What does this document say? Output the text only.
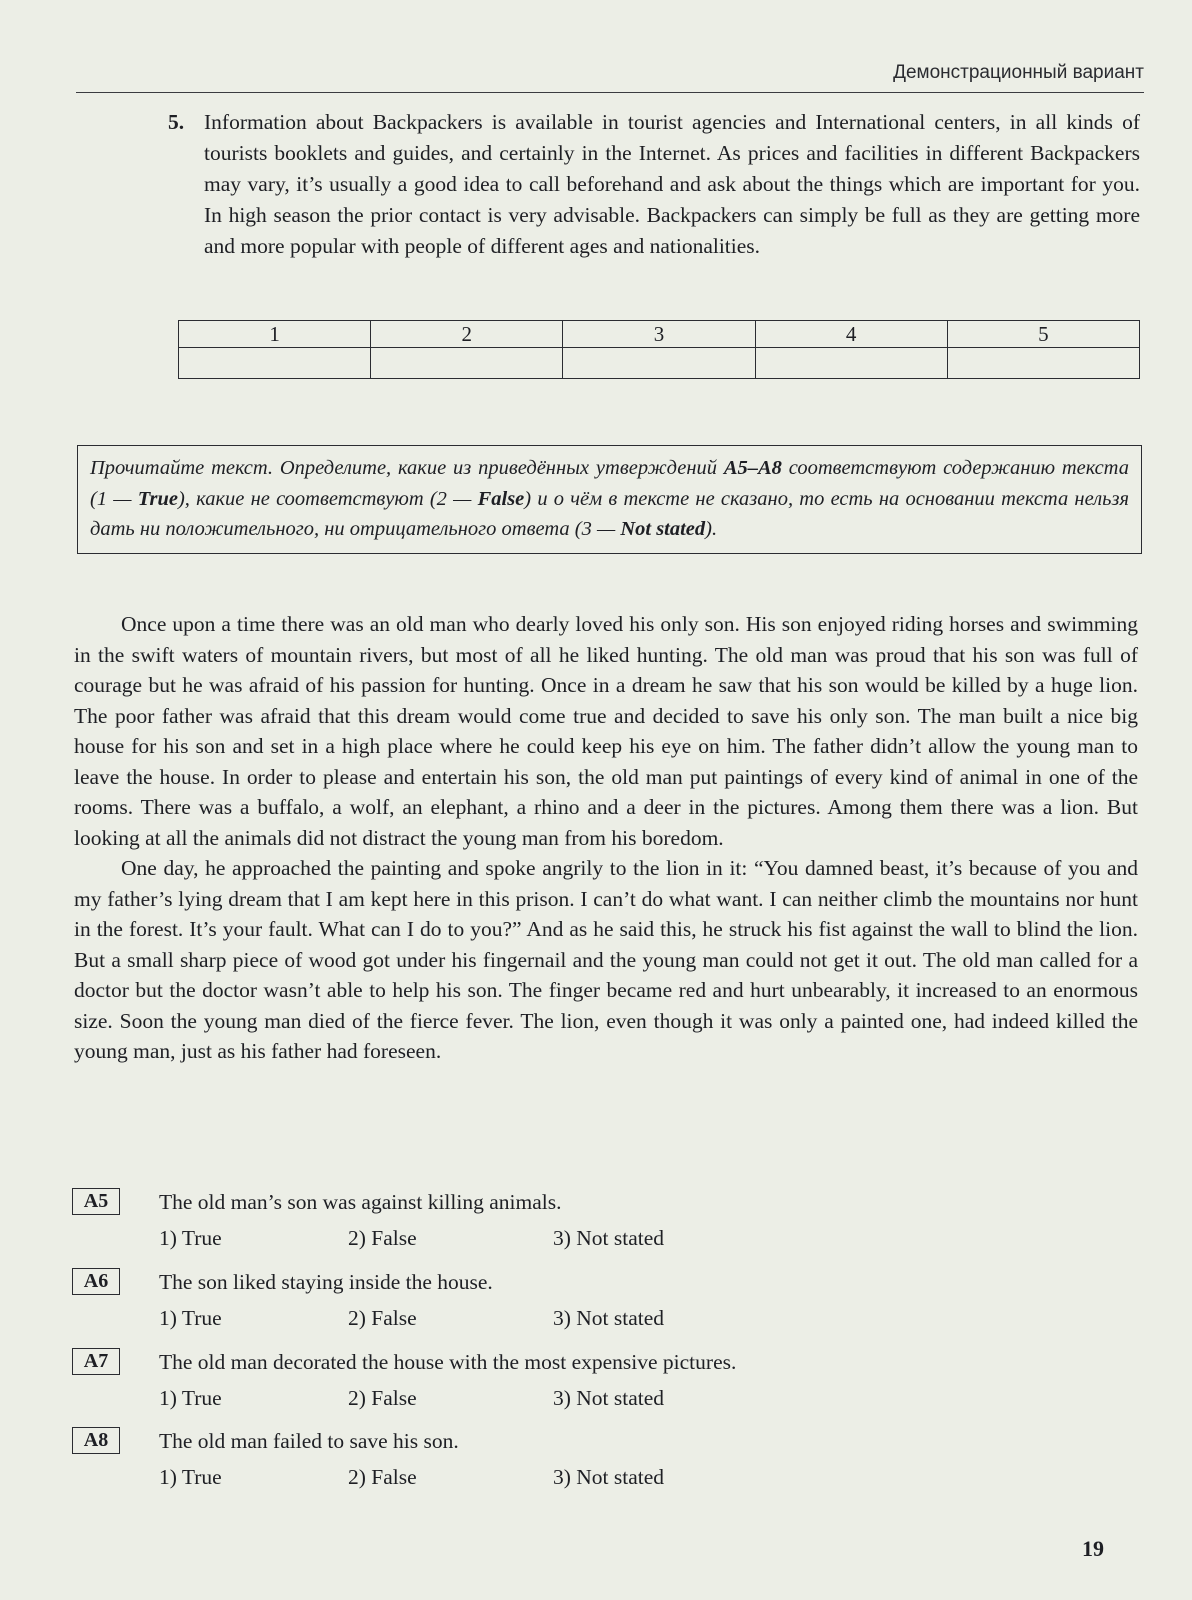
Демонстрационный вариант
5. Information about Backpackers is available in tourist agencies and International centers, in all kinds of tourists booklets and guides, and certainly in the Internet. As prices and facilities in different Backpackers may vary, it’s usually a good idea to call beforehand and ask about the things which are important for you. In high season the prior contact is very advisable. Backpackers can simply be full as they are getting more and more popular with people of different ages and nationalities.
1	2	3	4	5

Прочитайте текст. Определите, какие из приведённых утверждений A5–A8 соответствуют содержанию текста (1 — True), какие не соответствуют (2 — False) и о чём в тексте не сказано, то есть на основании текста нельзя дать ни положительного, ни отрицательного ответа (3 — Not stated).

Once upon a time there was an old man who dearly loved his only son. His son enjoyed riding horses and swimming in the swift waters of mountain rivers, but most of all he liked hunting. The old man was proud that his son was full of courage but he was afraid of his passion for hunting. Once in a dream he saw that his son would be killed by a huge lion. The poor father was afraid that this dream would come true and decided to save his only son. The man built a nice big house for his son and set in a high place where he could keep his eye on him. The father didn’t allow the young man to leave the house. In order to please and entertain his son, the old man put paintings of every kind of animal in one of the rooms. There was a buffalo, a wolf, an elephant, a rhino and a deer in the pictures. Among them there was a lion. But looking at all the animals did not distract the young man from his boredom.

One day, he approached the painting and spoke angrily to the lion in it: “You damned beast, it’s because of you and my father’s lying dream that I am kept here in this prison. I can’t do what want. I can neither climb the mountains nor hunt in the forest. It’s your fault. What can I do to you?” And as he said this, he struck his fist against the wall to blind the lion. But a small sharp piece of wood got under his fingernail and the young man could not get it out. The old man called for a doctor but the doctor wasn’t able to help his son. The finger became red and hurt unbearably, it increased to an enormous size. Soon the young man died of the fierce fever. The lion, even though it was only a painted one, had indeed killed the young man, just as his father had foreseen.

A5	The old man’s son was against killing animals.
1) True	2) False	3) Not stated
A6	The son liked staying inside the house.
1) True	2) False	3) Not stated
A7	The old man decorated the house with the most expensive pictures.
1) True	2) False	3) Not stated
A8	The old man failed to save his son.
1) True	2) False	3) Not stated
19
